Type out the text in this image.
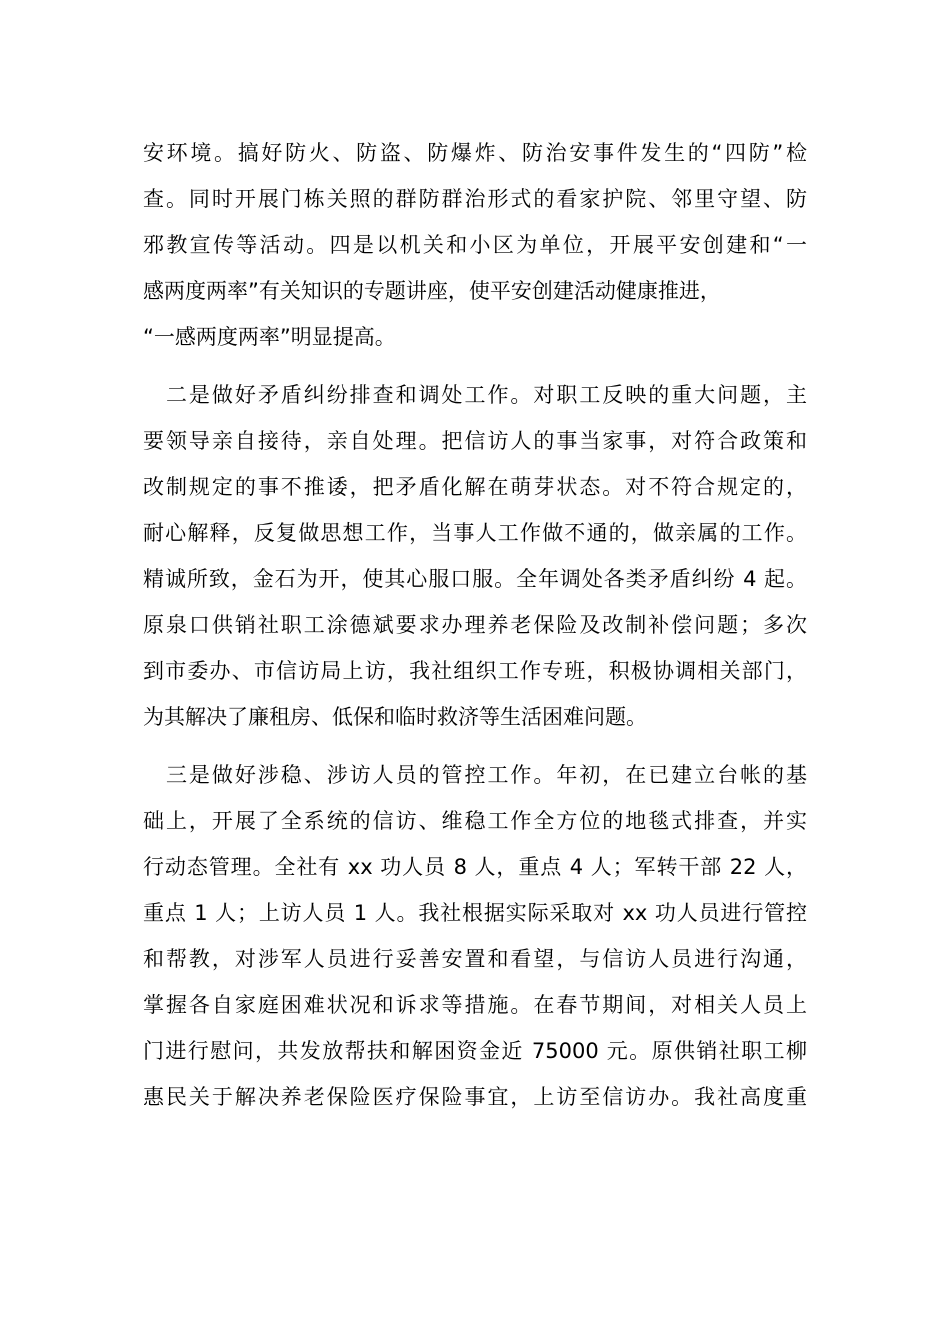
安环境。搞好防火、防盗、防爆炸、防治安事件发生的“四防”检
查。同时开展门栋关照的群防群治形式的看家护院、邻里守望、防
邪教宣传等活动。四是以机关和小区为单位，开展平安创建和“一
感两度两率”有关知识的专题讲座，使平安创建活动健康推进，
“一感两度两率”明显提高。
　二是做好矛盾纠纷排查和调处工作。对职工反映的重大问题，主
要领导亲自接待，亲自处理。把信访人的事当家事，对符合政策和
改制规定的事不推诿，把矛盾化解在萌芽状态。对不符合规定的，
耐心解释，反复做思想工作，当事人工作做不通的，做亲属的工作。
精诚所致，金石为开，使其心服口服。全年调处各类矛盾纠纷 4 起。
原泉口供销社职工涂德斌要求办理养老保险及改制补偿问题；多次
到市委办、市信访局上访，我社组织工作专班，积极协调相关部门，
为其解决了廉租房、低保和临时救济等生活困难问题。
　三是做好涉稳、涉访人员的管控工作。年初，在已建立台帐的基
础上，开展了全系统的信访、维稳工作全方位的地毯式排查，并实
行动态管理。全社有 xx 功人员 8 人，重点 4 人；军转干部 22 人，
重点 1 人；上访人员 1 人。我社根据实际采取对 xx 功人员进行管控
和帮教，对涉军人员进行妥善安置和看望，与信访人员进行沟通，
掌握各自家庭困难状况和诉求等措施。在春节期间，对相关人员上
门进行慰问，共发放帮扶和解困资金近 75000 元。原供销社职工柳
惠民关于解决养老保险医疗保险事宜，上访至信访办。我社高度重
